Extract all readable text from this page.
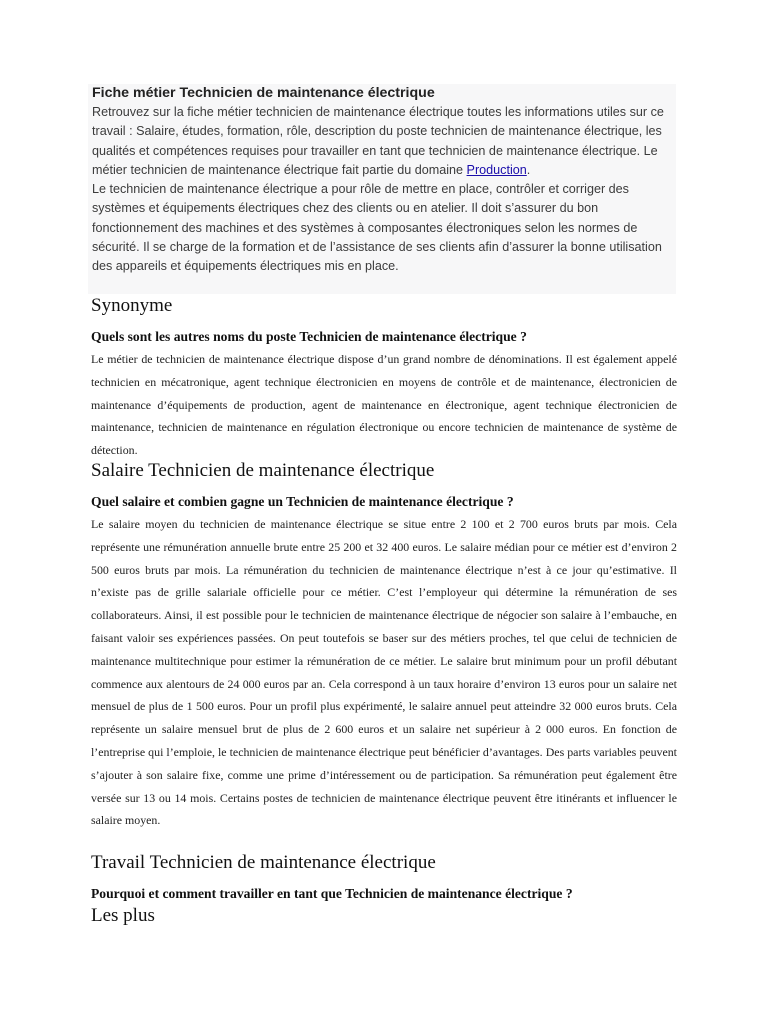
Fiche métier Technicien de maintenance électrique

Retrouvez sur la fiche métier technicien de maintenance électrique toutes les informations utiles sur ce travail : Salaire, études, formation, rôle, description du poste technicien de maintenance électrique, les qualités et compétences requises pour travailler en tant que technicien de maintenance électrique. Le métier technicien de maintenance électrique fait partie du domaine Production.

Le technicien de maintenance électrique a pour rôle de mettre en place, contrôler et corriger des systèmes et équipements électriques chez des clients ou en atelier. Il doit s’assurer du bon fonctionnement des machines et des systèmes à composantes électroniques selon les normes de sécurité. Il se charge de la formation et de l’assistance de ses clients afin d’assurer la bonne utilisation des appareils et équipements électriques mis en place.

Synonyme

Quels sont les autres noms du poste Technicien de maintenance électrique ?

Le métier de technicien de maintenance électrique dispose d’un grand nombre de dénominations. Il est également appelé technicien en mécatronique, agent technique électronicien en moyens de contrôle et de maintenance, électronicien de maintenance d’équipements de production, agent de maintenance en électronique, agent technique électronicien de maintenance, technicien de maintenance en régulation électronique ou encore technicien de maintenance de système de détection.

Salaire Technicien de maintenance électrique

Quel salaire et combien gagne un Technicien de maintenance électrique ?

Le salaire moyen du technicien de maintenance électrique se situe entre 2 100 et 2 700 euros bruts par mois. Cela représente une rémunération annuelle brute entre 25 200 et 32 400 euros. Le salaire médian pour ce métier est d’environ 2 500 euros bruts par mois. La rémunération du technicien de maintenance électrique n’est à ce jour qu’estimative. Il n’existe pas de grille salariale officielle pour ce métier. C’est l’employeur qui détermine la rémunération de ses collaborateurs. Ainsi, il est possible pour le technicien de maintenance électrique de négocier son salaire à l’embauche, en faisant valoir ses expériences passées. On peut toutefois se baser sur des métiers proches, tel que celui de technicien de maintenance multitechnique pour estimer la rémunération de ce métier. Le salaire brut minimum pour un profil débutant commence aux alentours de 24 000 euros par an. Cela correspond à un taux horaire d’environ 13 euros pour un salaire net mensuel de plus de 1 500 euros. Pour un profil plus expérimenté, le salaire annuel peut atteindre 32 000 euros bruts. Cela représente un salaire mensuel brut de plus de 2 600 euros et un salaire net supérieur à 2 000 euros. En fonction de l’entreprise qui l’emploie, le technicien de maintenance électrique peut bénéficier d’avantages. Des parts variables peuvent s’ajouter à son salaire fixe, comme une prime d’intéressement ou de participation. Sa rémunération peut également être versée sur 13 ou 14 mois. Certains postes de technicien de maintenance électrique peuvent être itinérants et influencer le salaire moyen.

Travail Technicien de maintenance électrique

Pourquoi et comment travailler en tant que Technicien de maintenance électrique ?

Les plus
